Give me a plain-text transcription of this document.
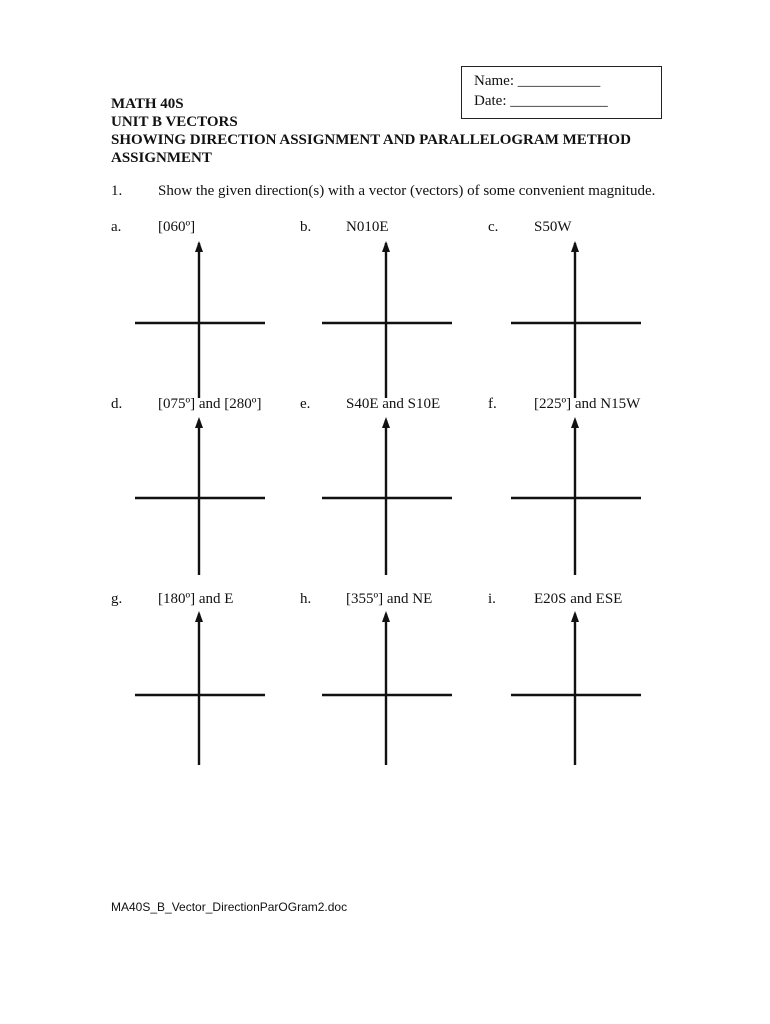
Name: ___________
Date: _____________
MATH 40S
UNIT B VECTORS
SHOWING DIRECTION ASSIGNMENT AND PARALLELOGRAM METHOD
ASSIGNMENT
1. Show the given direction(s) with a vector (vectors) of some convenient magnitude.
a. [060º]	b. N010E	c. S50W
d. [075º] and [280º]	e. S40E and S10E	f. [225º] and N15W
g. [180º] and E	h. [355º] and NE	i.	E20S and ESE
MA40S_B_Vector_DirectionParOGram2.doc
